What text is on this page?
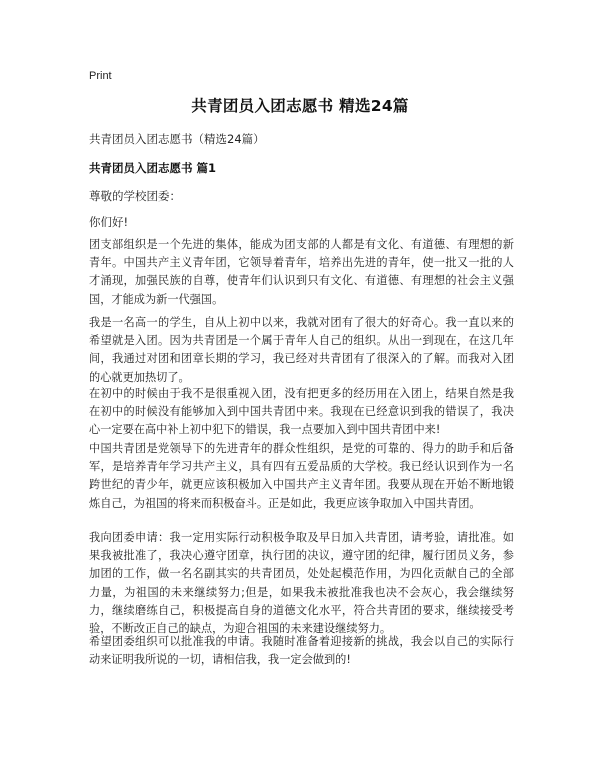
Print
共青团员入团志愿书 精选24篇
共青团员入团志愿书（精选24篇）
共青团员入团志愿书 篇1
尊敬的学校团委：
你们好!

团支部组织是一个先进的集体，能成为团支部的人都是有文化、有道德、有理想的新青年。中国共产主义青年团，它领导着青年，培养出先进的青年，使一批又一批的人才涌现，加强民族的自尊，使青年们认识到只有文化、有道德、有理想的社会主义强国，才能成为新一代强国。

我是一名高一的学生，自从上初中以来，我就对团有了很大的好奇心。我一直以来的希望就是入团。因为共青团是一个属于青年人自己的组织。从出一到现在，在这几年间，我通过对团和团章长期的学习，我已经对共青团有了很深入的了解。而我对入团的心就更加热切了。

在初中的时候由于我不是很重视入团，没有把更多的经历用在入团上，结果自然是我在初中的时候没有能够加入到中国共青团中来。我现在已经意识到我的错误了，我决心一定要在高中补上初中犯下的错误，我一点要加入到中国共青团中来!

中国共青团是党领导下的先进青年的群众性组织，是党的可靠的、得力的助手和后备军，是培养青年学习共产主义，具有四有五爱品质的大学校。我已经认识到作为一名跨世纪的青少年，就更应该积极加入中国共产主义青年团。我要从现在开始不断地锻炼自己，为祖国的将来而积极奋斗。正是如此，我更应该争取加入中国共青团。

我向团委申请：我一定用实际行动积极争取及早日加入共青团，请考验，请批准。如果我被批准了，我决心遵守团章，执行团的决议，遵守团的纪律，履行团员义务，参加团的工作，做一名名副其实的共青团员，处处起模范作用，为四化贡献自己的全部力量，为祖国的未来继续努力;但是，如果我未被批准我也决不会灰心，我会继续努力，继续磨练自己，积极提高自身的道德文化水平，符合共青团的要求，继续接受考验，不断改正自己的缺点，为迎合祖国的未来建设继续努力。

希望团委组织可以批准我的申请。我随时准备着迎接新的挑战，我会以自己的实际行动来证明我所说的一切，请相信我，我一定会做到的!
